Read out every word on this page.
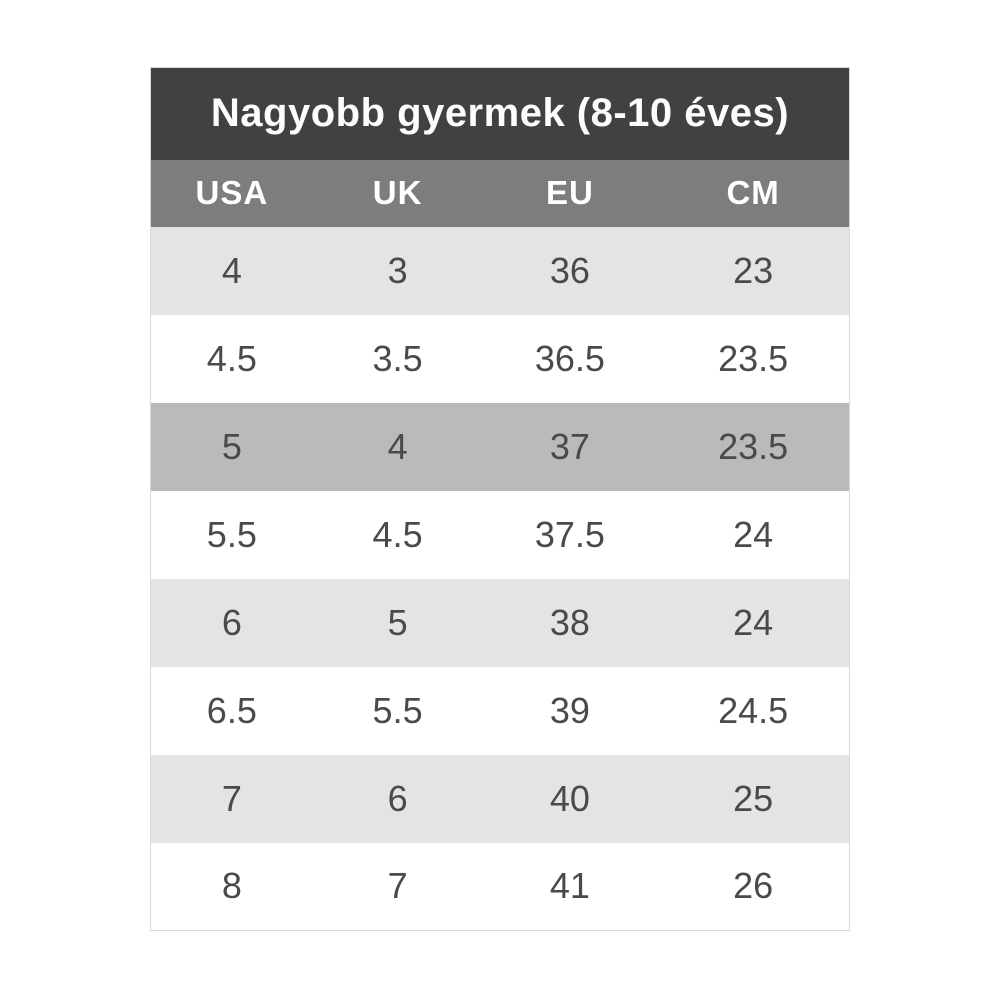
Nagyobb gyermek (8-10 éves)			
USA	UK	EU	CM
4	3	36	23
4.5	3.5	36.5	23.5
5	4	37	23.5
5.5	4.5	37.5	24
6	5	38	24
6.5	5.5	39	24.5
7	6	40	25
8	7	41	26
